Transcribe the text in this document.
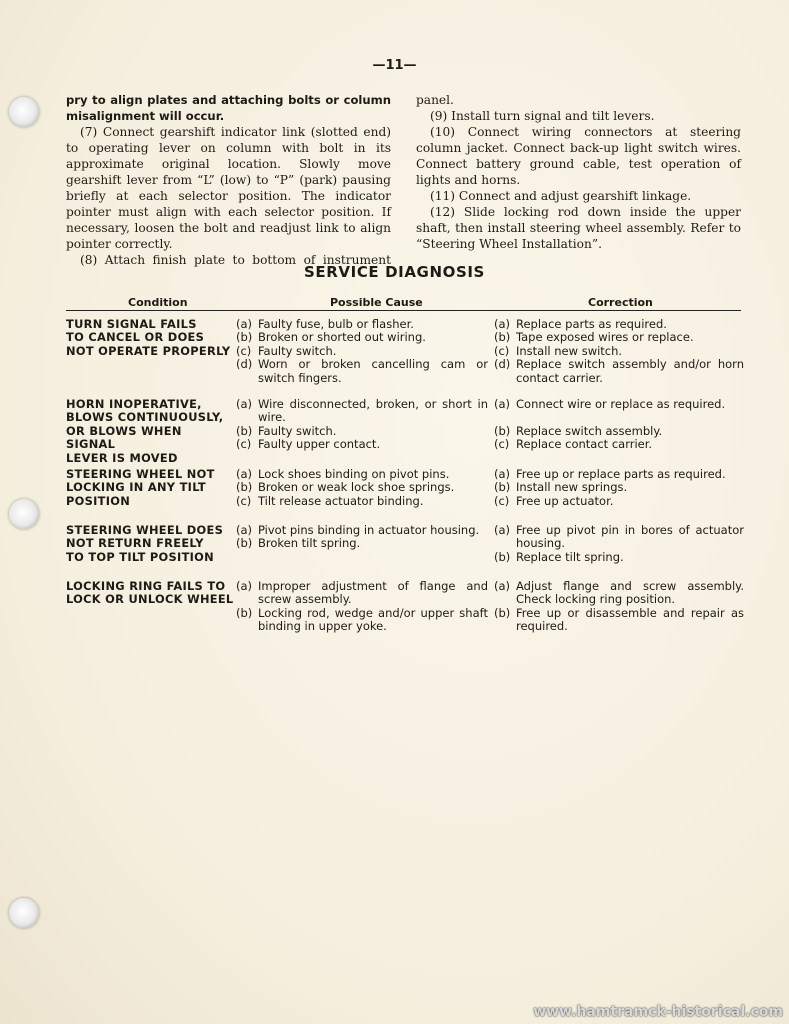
—11—

pry to align plates and attaching bolts or column misalignment will occur.

(7) Connect gearshift indicator link (slotted end) to operating lever on column with bolt in its approximate original location. Slowly move gearshift lever from “L” (low) to “P” (park) pausing briefly at each selector position. The indicator pointer must align with each selector position. If necessary, loosen the bolt and readjust link to align pointer correctly.

(8) Attach finish plate to bottom of instrument

panel.

(9) Install turn signal and tilt levers.

(10) Connect wiring connectors at steering column jacket. Connect back-up light switch wires. Connect battery ground cable, test operation of lights and horns.

(11) Connect and adjust gearshift linkage.

(12) Slide locking rod down inside the upper shaft, then install steering wheel assembly. Refer to “Steering Wheel Installation”.

SERVICE DIAGNOSIS
Condition	Possible Cause	Correction
TURN SIGNAL FAILS
TO CANCEL OR DOES
NOT OPERATE PROPERLY
(a) Faulty fuse, bulb or flasher.
(b) Broken or shorted out wiring.
(c) Faulty switch.
(d) Worn or broken cancelling cam or switch fingers.
(a) Replace parts as required.
(b) Tape exposed wires or replace.
(c) Install new switch.
(d) Replace switch assembly and/or horn contact carrier.
HORN INOPERATIVE,
BLOWS CONTINUOUSLY,
OR BLOWS WHEN SIGNAL
LEVER IS MOVED
(a) Wire disconnected, broken, or short in wire.
(b) Faulty switch.
(c) Faulty upper contact.
(a) Connect wire or replace as required.
(b) Replace switch assembly.
(c) Replace contact carrier.
STEERING WHEEL NOT
LOCKING IN ANY TILT
POSITION
(a) Lock shoes binding on pivot pins.
(b) Broken or weak lock shoe springs.
(c) Tilt release actuator binding.
(a) Free up or replace parts as required.
(b) Install new springs.
(c) Free up actuator.
STEERING WHEEL DOES
NOT RETURN FREELY
TO TOP TILT POSITION
(a) Pivot pins binding in actuator housing.
(b) Broken tilt spring.
(a) Free up pivot pin in bores of actuator housing.
(b) Replace tilt spring.
LOCKING RING FAILS TO
LOCK OR UNLOCK WHEEL
(a) Improper adjustment of flange and screw assembly.
(b) Locking rod, wedge and/or upper shaft binding in upper yoke.
(a) Adjust flange and screw assembly. Check locking ring position.
(b) Free up or disassemble and repair as required.
www.hamtramck-historical.com
